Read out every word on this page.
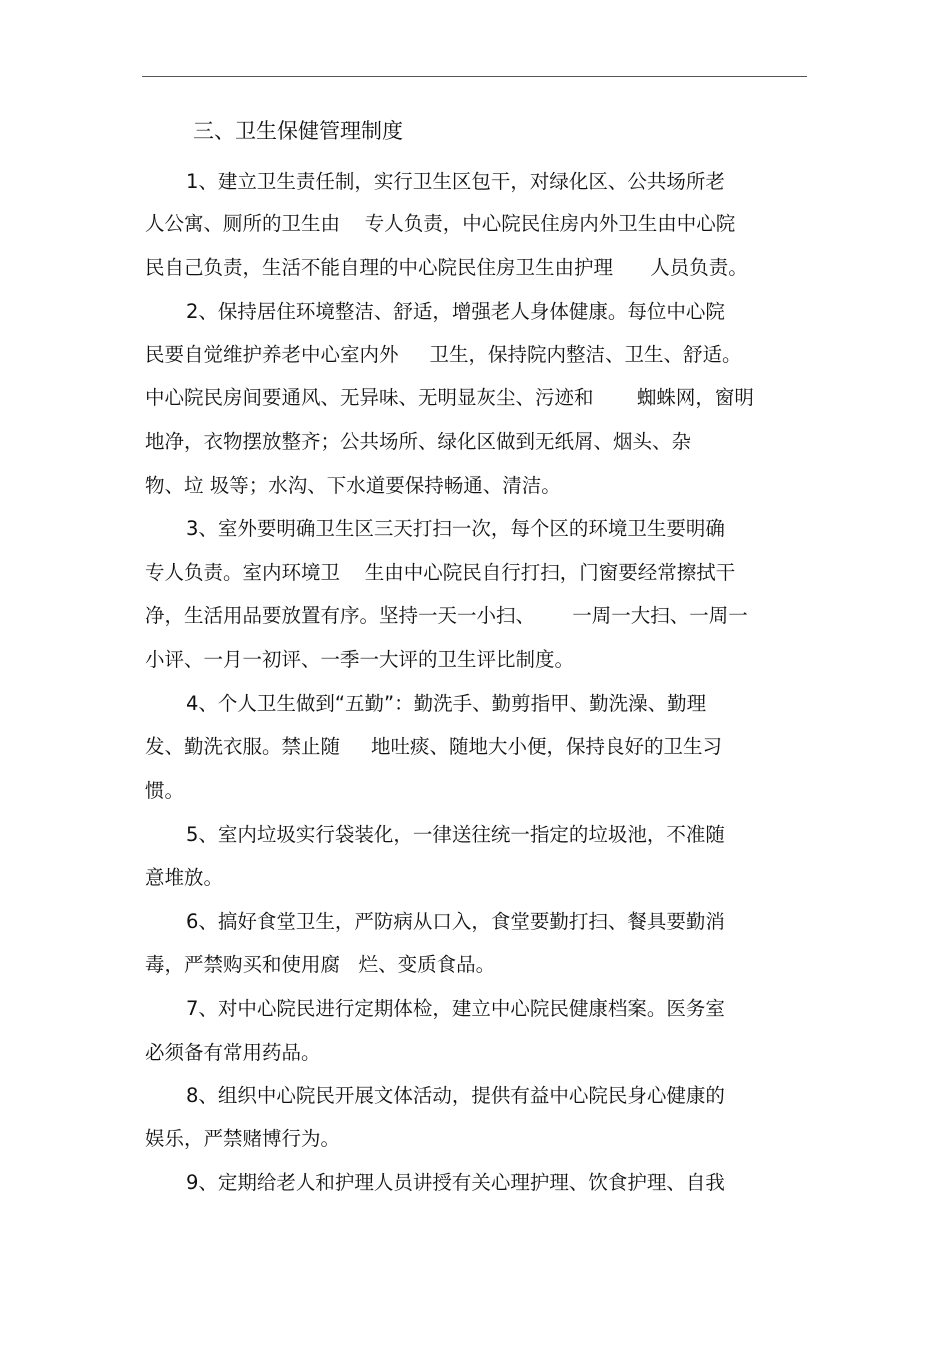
三、卫生保健管理制度
1、建立卫生责任制，实行卫生区包干，对绿化区、公共场所老
人公寓、厕所的卫生由    专人负责，中心院民住房内外卫生由中心院
民自己负责，生活不能自理的中心院民住房卫生由护理      人员负责。
2、保持居住环境整洁、舒适，增强老人身体健康。每位中心院
民要自觉维护养老中心室内外     卫生，保持院内整洁、卫生、舒适。
中心院民房间要通风、无异味、无明显灰尘、污迹和       蜘蛛网，窗明
地净，衣物摆放整齐；公共场所、绿化区做到无纸屑、烟头、杂
物、垃 圾等；水沟、下水道要保持畅通、清洁。
3、室外要明确卫生区三天打扫一次，每个区的环境卫生要明确
专人负责。室内环境卫    生由中心院民自行打扫，门窗要经常擦拭干
净，生活用品要放置有序。坚持一天一小扫、      一周一大扫、一周一
小评、一月一初评、一季一大评的卫生评比制度。
4、个人卫生做到“五勤”：勤洗手、勤剪指甲、勤洗澡、勤理
发、勤洗衣服。禁止随     地吐痰、随地大小便，保持良好的卫生习
惯。
5、室内垃圾实行袋装化，一律送往统一指定的垃圾池，不准随
意堆放。
6、搞好食堂卫生，严防病从口入，食堂要勤打扫、餐具要勤消
毒，严禁购买和使用腐   烂、变质食品。
7、对中心院民进行定期体检，建立中心院民健康档案。医务室
必须备有常用药品。
8、组织中心院民开展文体活动，提供有益中心院民身心健康的
娱乐，严禁赌博行为。
9、定期给老人和护理人员讲授有关心理护理、饮食护理、自我
